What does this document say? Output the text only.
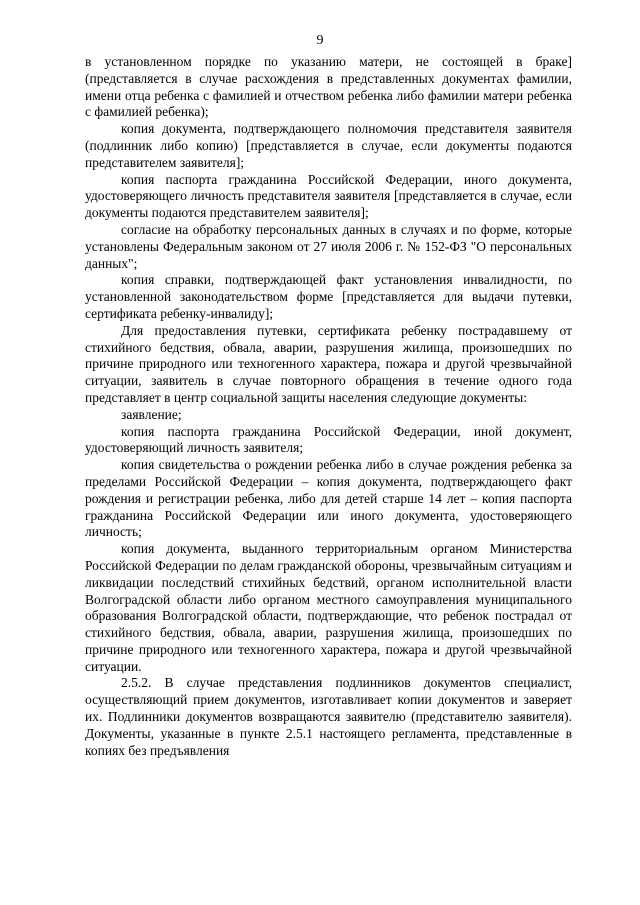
9

в установленном порядке по указанию матери, не состоящей в браке] (представляется в случае расхождения в представленных документах фамилии, имени отца ребенка с фамилией и отчеством ребенка либо фамилии матери ребенка с фамилией ребенка);

копия документа, подтверждающего полномочия представителя заявителя (подлинник либо копию) [представляется в случае, если документы подаются представителем заявителя];

копия паспорта гражданина Российской Федерации, иного документа, удостоверяющего личность представителя заявителя [представляется в случае, если документы подаются представителем заявителя];

согласие на обработку персональных данных в случаях и по форме, которые установлены Федеральным законом от 27 июля 2006 г. № 152-ФЗ "О персональных данных";

копия справки, подтверждающей факт установления инвалидности, по установленной законодательством форме [представляется для выдачи путевки, сертификата ребенку-инвалиду];

Для предоставления путевки, сертификата ребенку пострадавшему от стихийного бедствия, обвала, аварии, разрушения жилища, произошедших по причине природного или техногенного характера, пожара и другой чрезвычайной ситуации, заявитель в случае повторного обращения в течение одного года представляет в центр социальной защиты населения следующие документы:

заявление;

копия паспорта гражданина Российской Федерации, иной документ, удостоверяющий личность заявителя;

копия свидетельства о рождении ребенка либо в случае рождения ребенка за пределами Российской Федерации – копия документа, подтверждающего факт рождения и регистрации ребенка, либо для детей старше 14 лет – копия паспорта гражданина Российской Федерации или иного документа, удостоверяющего личность;

копия документа, выданного территориальным органом Министерства Российской Федерации по делам гражданской обороны, чрезвычайным ситуациям и ликвидации последствий стихийных бедствий, органом исполнительной власти Волгоградской области либо органом местного самоуправления муниципального образования Волгоградской области, подтверждающие, что ребенок пострадал от стихийного бедствия, обвала, аварии, разрушения жилища, произошедших по причине природного или техногенного характера, пожара и другой чрезвычайной ситуации.

2.5.2. В случае представления подлинников документов специалист, осуществляющий прием документов, изготавливает копии документов и заверяет их. Подлинники документов возвращаются заявителю (представителю заявителя). Документы, указанные в пункте 2.5.1 настоящего регламента, представленные в копиях без предъявления
